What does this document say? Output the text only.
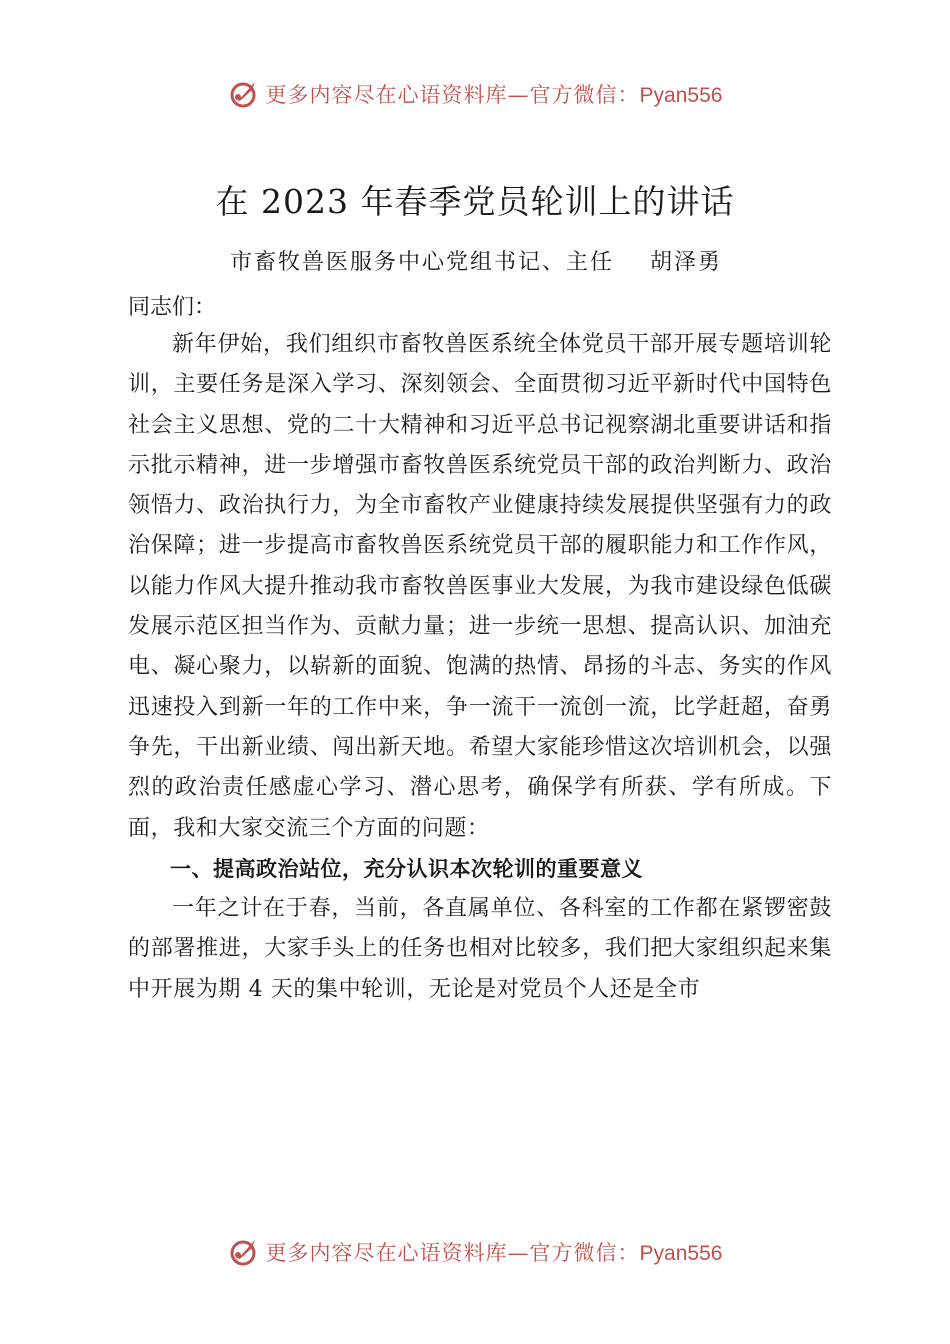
更多内容尽在心语资料库—官方微信：Pyan556
在 2023 年春季党员轮训上的讲话
市畜牧兽医服务中心党组书记、主任 胡泽勇
同志们：

新年伊始，我们组织市畜牧兽医系统全体党员干部开展专题培训轮训，主要任务是深入学习、深刻领会、全面贯彻习近平新时代中国特色社会主义思想、党的二十大精神和习近平总书记视察湖北重要讲话和指示批示精神，进一步增强市畜牧兽医系统党员干部的政治判断力、政治领悟力、政治执行力，为全市畜牧产业健康持续发展提供坚强有力的政治保障；进一步提高市畜牧兽医系统党员干部的履职能力和工作作风，以能力作风大提升推动我市畜牧兽医事业大发展，为我市建设绿色低碳发展示范区担当作为、贡献力量；进一步统一思想、提高认识、加油充电、凝心聚力，以崭新的面貌、饱满的热情、昂扬的斗志、务实的作风迅速投入到新一年的工作中来，争一流干一流创一流，比学赶超，奋勇争先，干出新业绩、闯出新天地。希望大家能珍惜这次培训机会，以强烈的政治责任感虚心学习、潜心思考，确保学有所获、学有所成。下面，我和大家交流三个方面的问题：

一、提高政治站位，充分认识本次轮训的重要意义

一年之计在于春，当前，各直属单位、各科室的工作都在紧锣密鼓的部署推进，大家手头上的任务也相对比较多，我们把大家组织起来集中开展为期 4 天的集中轮训，无论是对党员个人还是全市

更多内容尽在心语资料库—官方微信：Pyan556
